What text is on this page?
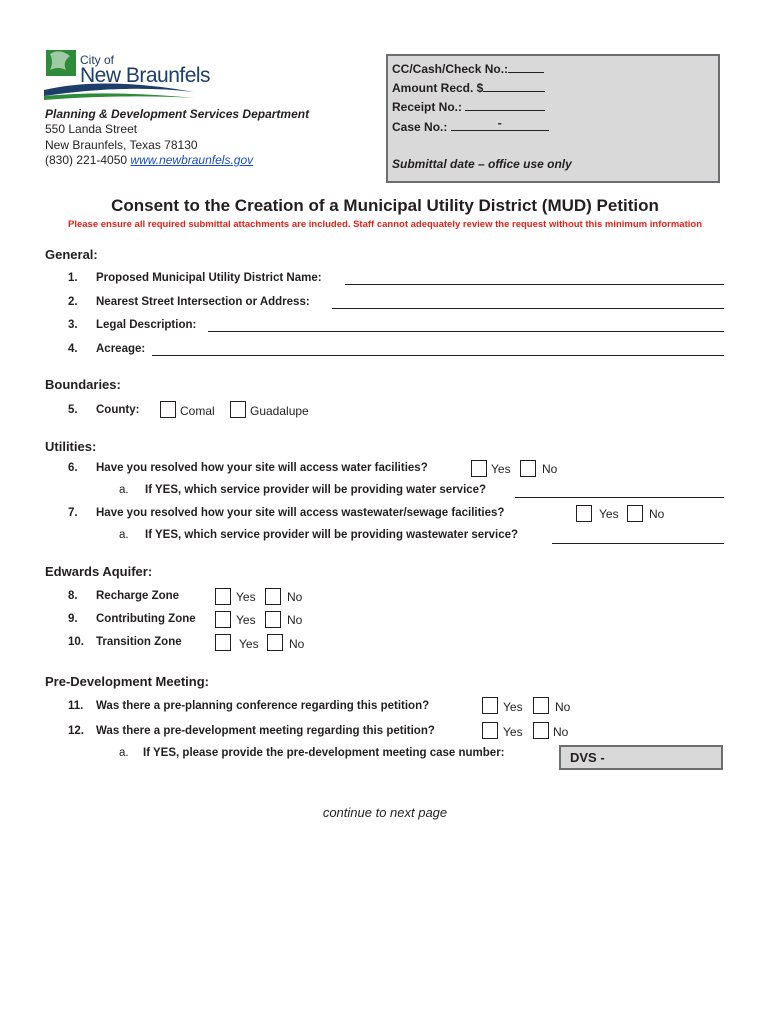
City of
New Braunfels
Planning & Development Services Department
550 Landa Street
New Braunfels, Texas 78130
(830) 221-4050 www.newbraunfels.gov
CC/Cash/Check No.:
Amount Recd. $
Receipt No.:
Case No.:	-
Submittal date – office use only
Consent to the Creation of a Municipal Utility District (MUD) Petition
Please ensure all required submittal attachments are included. Staff cannot adequately review the request without this minimum information
General:
1. Proposed Municipal Utility District Name:
2. Nearest Street Intersection or Address:
3. Legal Description:
4. Acreage:
Boundaries:
5. County:	Comal	Guadalupe
Utilities:
6. Have you resolved how your site will access water facilities?	Yes	No
a. If YES, which service provider will be providing water service?
7. Have you resolved how your site will access wastewater/sewage facilities?	Yes	No
a. If YES, which service provider will be providing wastewater service?
Edwards Aquifer:
8. Recharge Zone	Yes	No
9. Contributing Zone	Yes	No
10. Transition Zone	Yes	No
Pre-Development Meeting:
11. Was there a pre-planning conference regarding this petition?	Yes	No
12. Was there a pre-development meeting regarding this petition?	Yes	No
a. If YES, please provide the pre-development meeting case number:	DVS -
continue to next page
